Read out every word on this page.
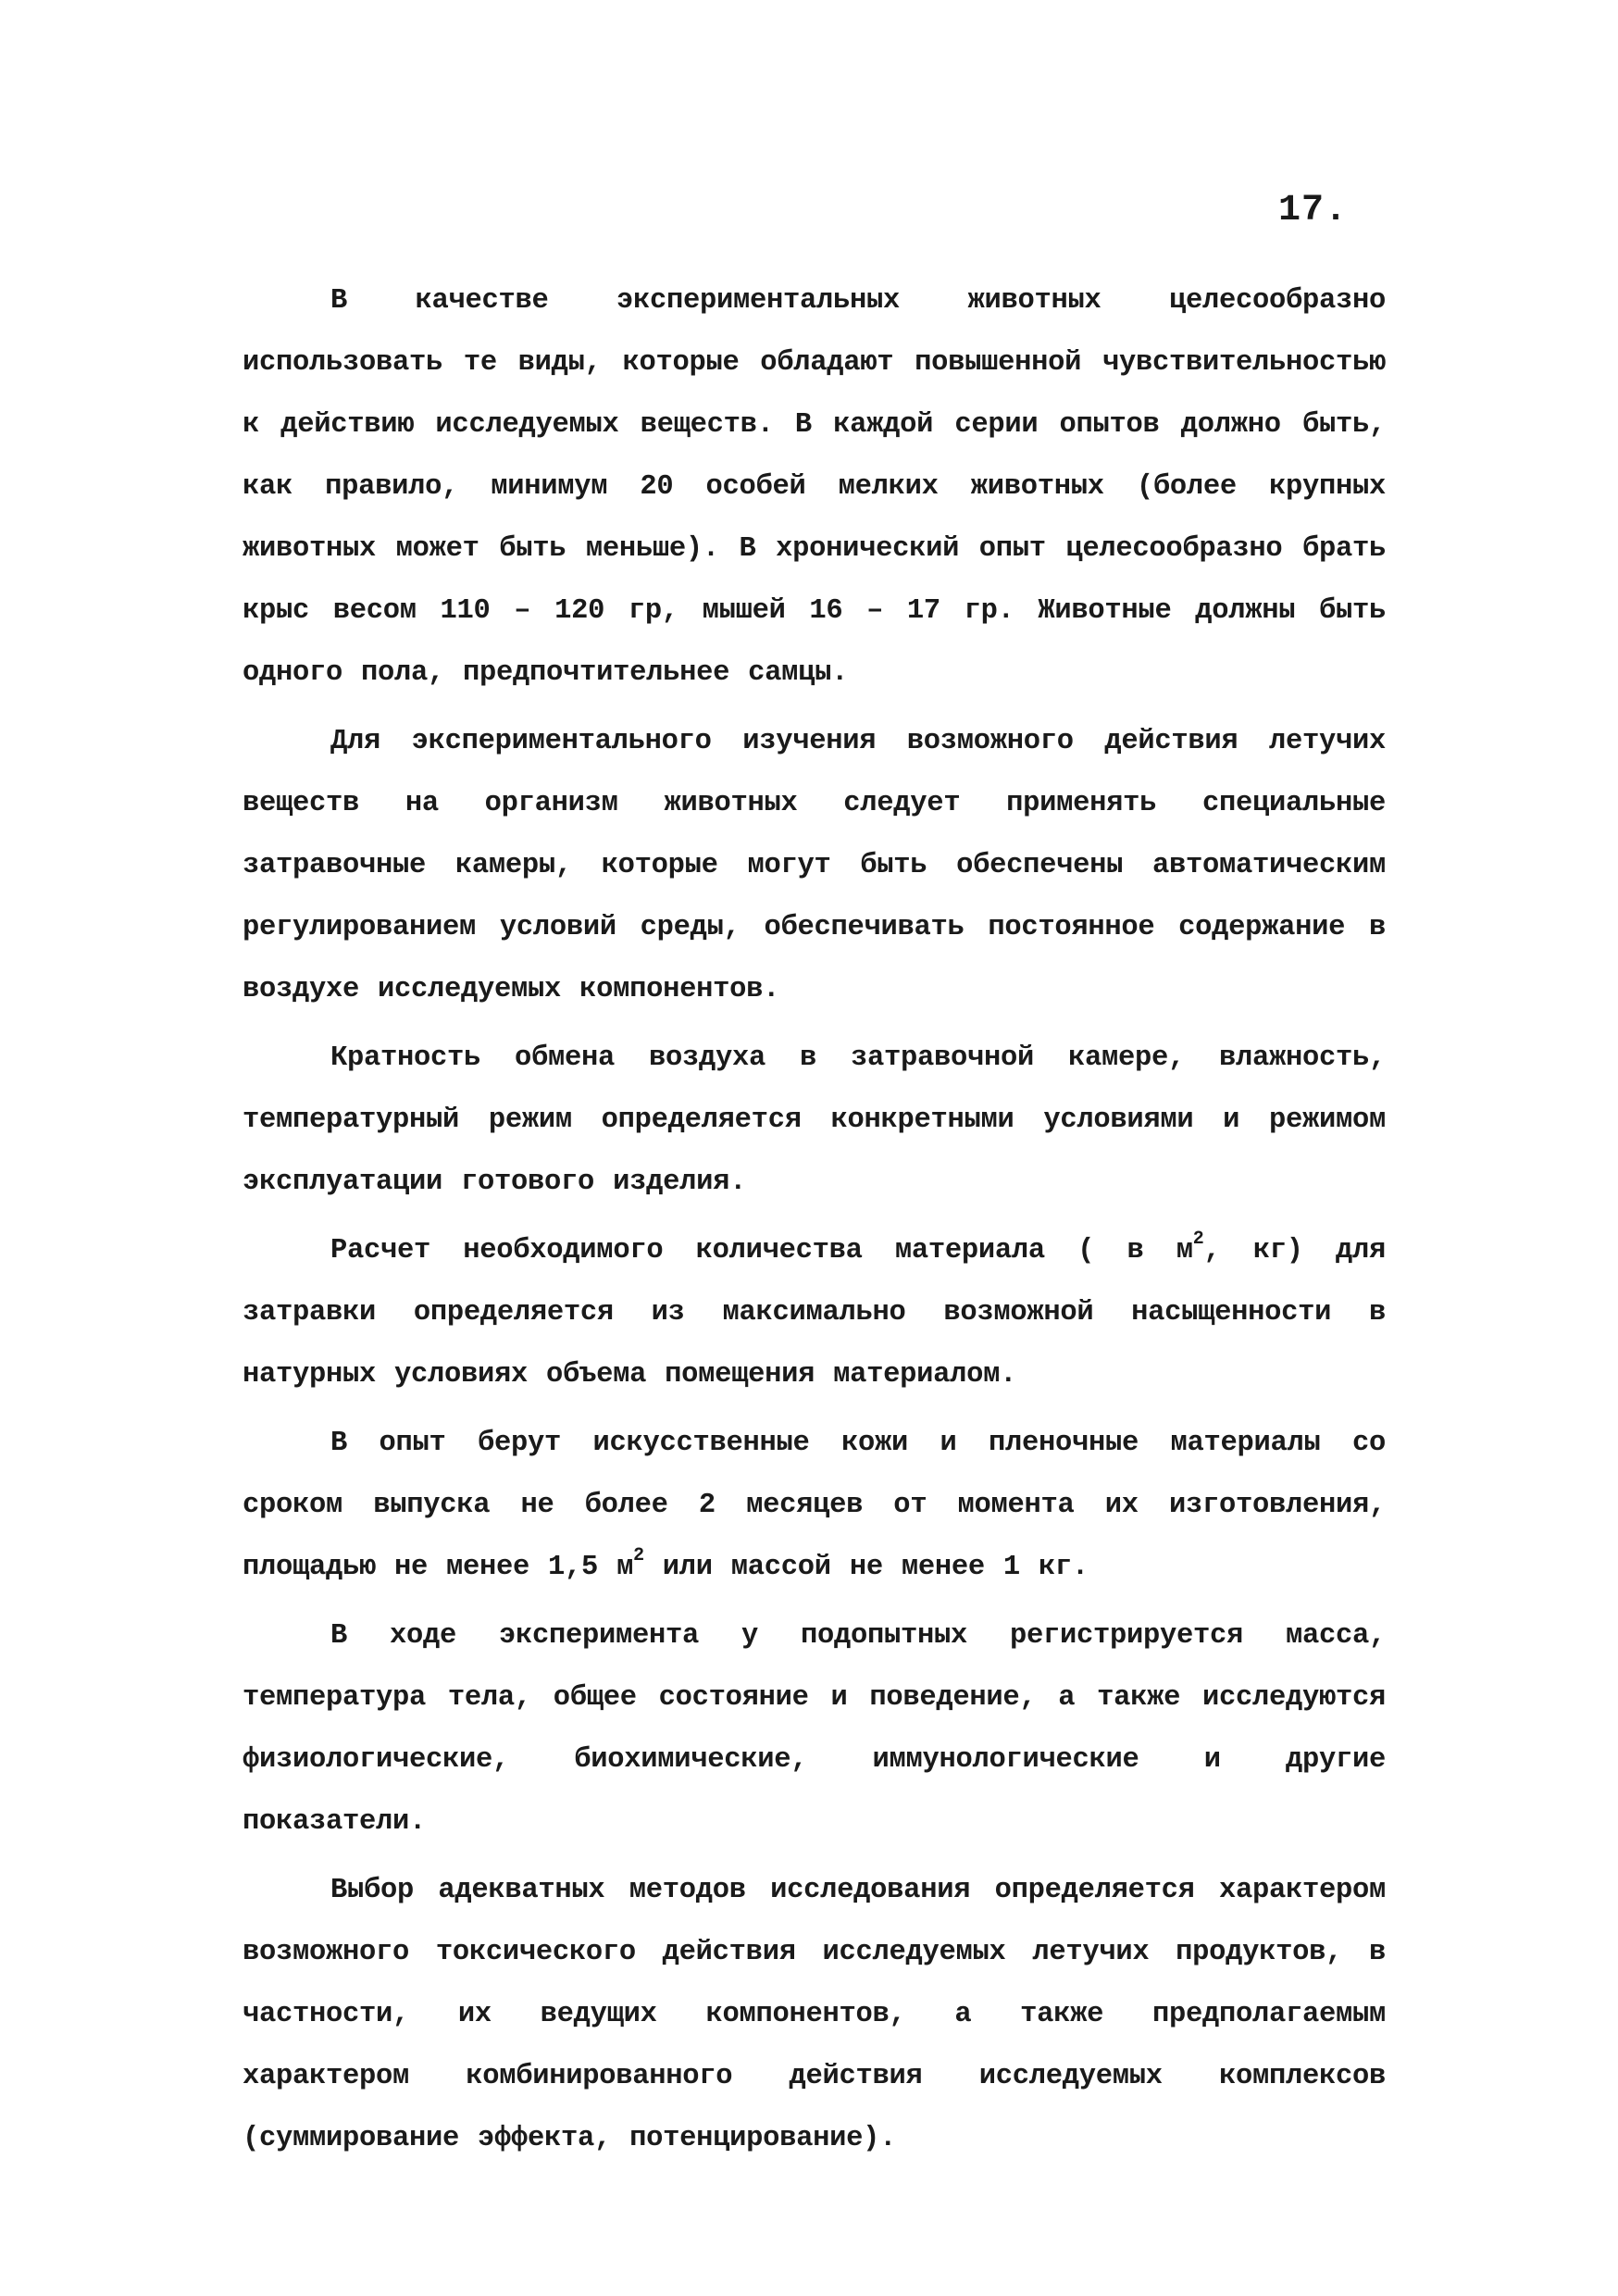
17.

В качестве экспериментальных животных целесообразно использовать те виды, которые обладают повышенной чувствительностью к действию исследуемых веществ. В каждой серии опытов должно быть, как правило, минимум 20 особей мелких животных (более крупных животных может быть меньше). В хронический опыт целесообразно брать крыс весом 110 – 120 гр, мышей 16 – 17 гр. Животные должны быть одного пола, предпочтительнее самцы.

Для экспериментального изучения возможного действия летучих веществ на организм животных следует применять специальные затравочные камеры, которые могут быть обеспечены автоматическим регулированием условий среды, обеспечивать постоянное содержание в воздухе исследуемых компонентов.

Кратность обмена воздуха в затравочной камере, влажность, температурный режим определяется конкретными условиями и режимом эксплуатации готового изделия.

Расчет необходимого количества материала ( в $м^2$, кг) для затравки определяется из максимально возможной насыщенности в натурных условиях объема помещения материалом.

В опыт берут искусственные кожи и пленочные материалы со сроком выпуска не более 2 месяцев от момента их изготовления, площадью не менее 1,5 $м^2$ или массой не менее 1 кг.

В ходе эксперимента у подопытных регистрируется масса, температура тела, общее состояние и поведение, а также исследуются физиологические, биохимические, иммунологические и другие показатели.

Выбор адекватных методов исследования определяется характером возможного токсического действия исследуемых летучих продуктов, в частности, их ведущих компонентов, а также предполагаемым характером комбинированного действия исследуемых комплексов (суммирование эффекта, потенцирование).
